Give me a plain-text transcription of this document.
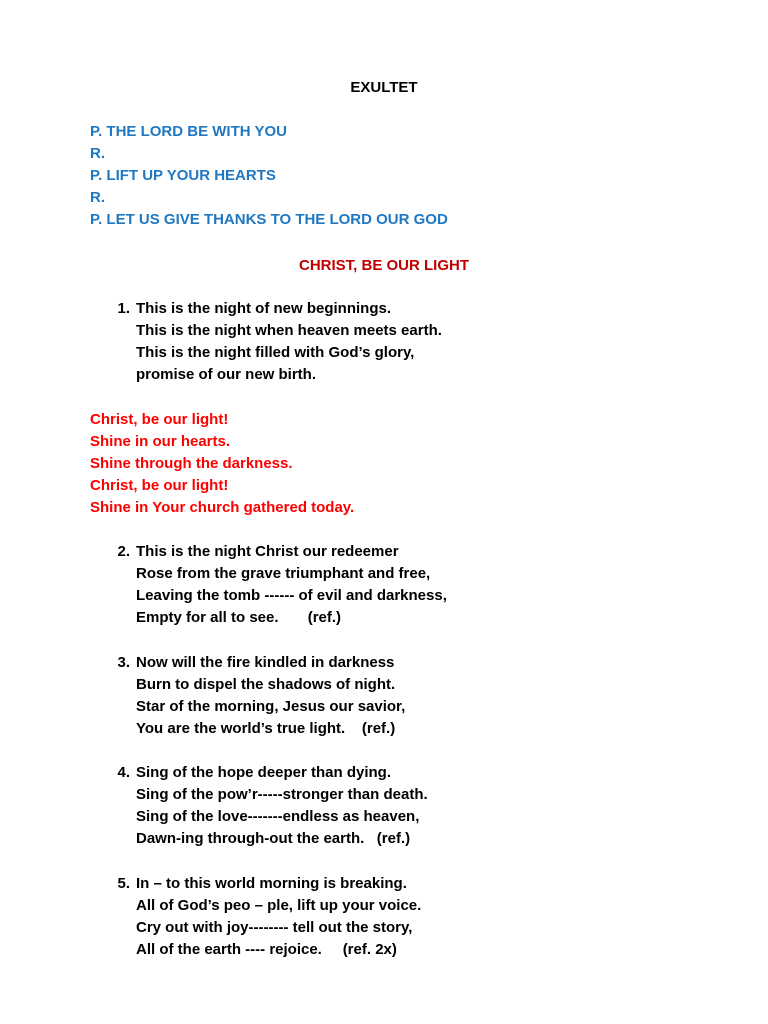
EXULTET
P. THE LORD BE WITH YOU
R.
P. LIFT UP YOUR HEARTS
R.
P. LET US GIVE THANKS TO THE LORD OUR GOD
CHRIST, BE OUR LIGHT
1. This is the night of new beginnings.
This is the night when heaven meets earth.
This is the night filled with God’s glory,
promise of our new birth.
Christ, be our light!
Shine in our hearts.
Shine through the darkness.
Christ, be our light!
Shine in Your church gathered today.
2. This is the night Christ our redeemer
Rose from the grave triumphant and free,
Leaving the tomb ------ of evil and darkness,
Empty for all to see.       (ref.)
3. Now will the fire kindled in darkness
Burn to dispel the shadows of night.
Star of the morning, Jesus our savior,
You are the world’s true light.    (ref.)
4. Sing of the hope deeper than dying.
Sing of the pow’r-----stronger than death.
Sing of the love-------endless as heaven,
Dawn-ing through-out the earth.   (ref.)
5. In – to this world morning is breaking.
All of God’s peo – ple, lift up your voice.
Cry out with joy-------- tell out the story,
All of the earth ---- rejoice.     (ref. 2x)
